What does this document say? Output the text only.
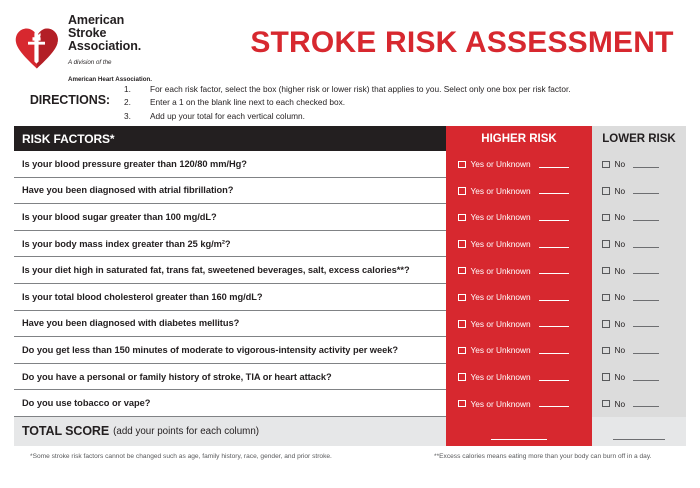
American
Stroke
Association.
A division of the
American Heart Association.
STROKE RISK ASSESSMENT
DIRECTIONS:
1.	For each risk factor, select the box (higher risk or lower risk) that applies to you. Select only one box per risk factor.
2.	Enter a 1 on the blank line next to each checked box.
3.	Add up your total for each vertical column.
RISK FACTORS*	HIGHER RISK	LOWER RISK
Is your blood pressure greater than 120/80 mm/Hg?	Yes or Unknown	No
Have you been diagnosed with atrial fibrillation?	Yes or Unknown	No
Is your blood sugar greater than 100 mg/dL?	Yes or Unknown	No
Is your body mass index greater than 25 kg/m²?	Yes or Unknown	No
Is your diet high in saturated fat, trans fat, sweetened beverages, salt, excess calories**?	Yes or Unknown	No
Is your total blood cholesterol greater than 160 mg/dL?	Yes or Unknown	No
Have you been diagnosed with diabetes mellitus?	Yes or Unknown	No
Do you get less than 150 minutes of moderate to vigorous-intensity activity per week?	Yes or Unknown	No
Do you have a personal or family history of stroke, TIA or heart attack?	Yes or Unknown	No
Do you use tobacco or vape?	Yes or Unknown	No
TOTAL SCORE (add your points for each column)
*Some stroke risk factors cannot be changed such as age, family history, race, gender, and prior stroke.	**Excess calories means eating more than your body can burn off in a day.
